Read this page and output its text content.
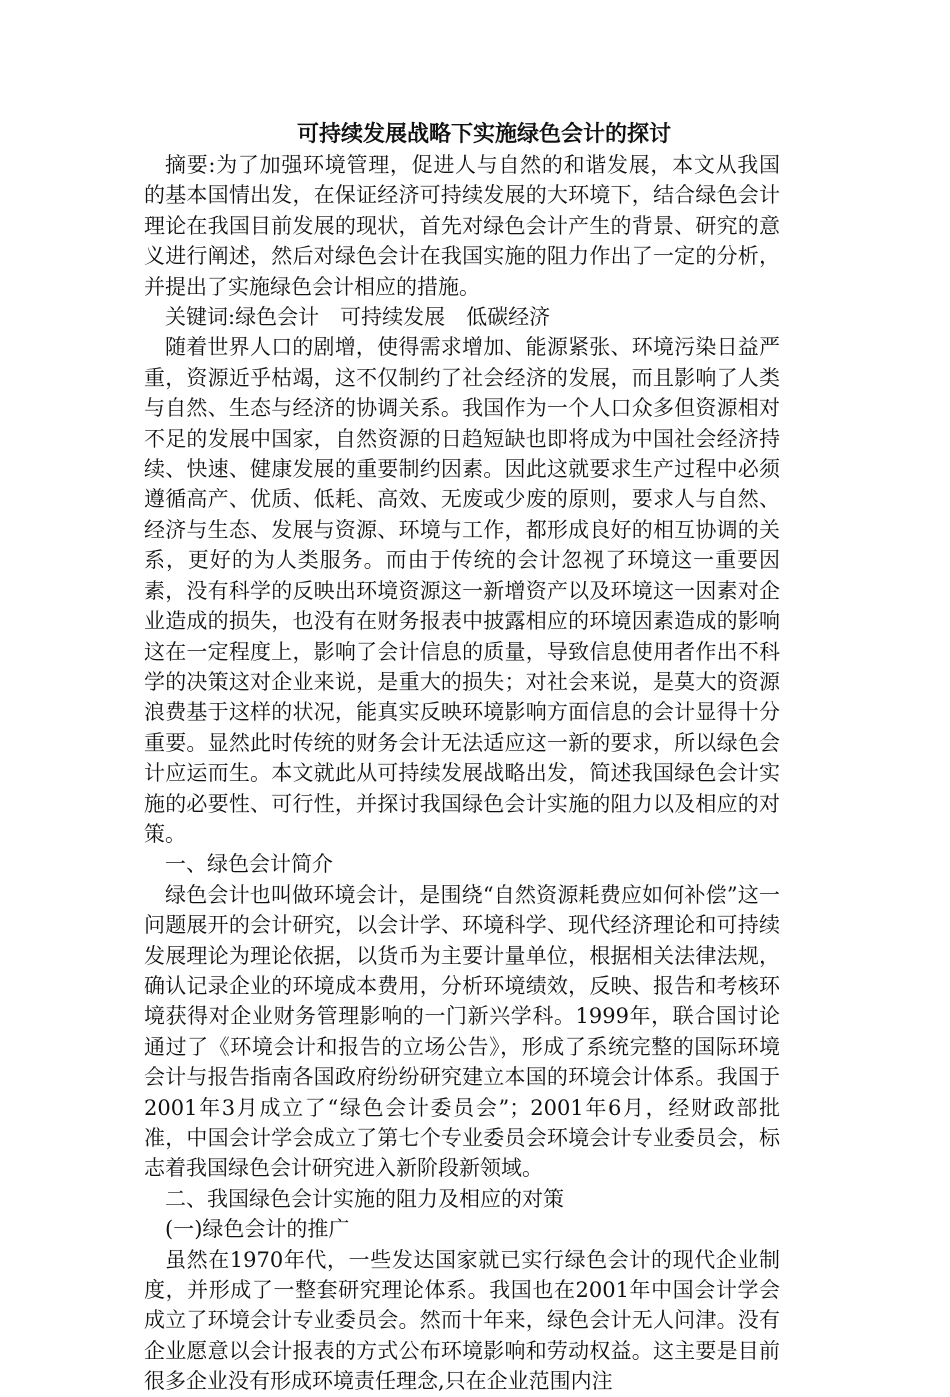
可持续发展战略下实施绿色会计的探讨

摘要:为了加强环境管理，促进人与自然的和谐发展，本文从我国的基本国情出发，在保证经济可持续发展的大环境下，结合绿色会计理论在我国目前发展的现状，首先对绿色会计产生的背景、研究的意义进行阐述，然后对绿色会计在我国实施的阻力作出了一定的分析，并提出了实施绿色会计相应的措施。

关键词:绿色会计　可持续发展　低碳经济

随着世界人口的剧增，使得需求增加、能源紧张、环境污染日益严重，资源近乎枯竭，这不仅制约了社会经济的发展，而且影响了人类与自然、生态与经济的协调关系。我国作为一个人口众多但资源相对不足的发展中国家，自然资源的日趋短缺也即将成为中国社会经济持续、快速、健康发展的重要制约因素。因此这就要求生产过程中必须遵循高产、优质、低耗、高效、无废或少废的原则，要求人与自然、经济与生态、发展与资源、环境与工作，都形成良好的相互协调的关系，更好的为人类服务。而由于传统的会计忽视了环境这一重要因素，没有科学的反映出环境资源这一新增资产以及环境这一因素对企业造成的损失，也没有在财务报表中披露相应的环境因素造成的影响这在一定程度上，影响了会计信息的质量，导致信息使用者作出不科学的决策这对企业来说，是重大的损失；对社会来说，是莫大的资源浪费基于这样的状况，能真实反映环境影响方面信息的会计显得十分重要。显然此时传统的财务会计无法适应这一新的要求，所以绿色会计应运而生。本文就此从可持续发展战略出发，简述我国绿色会计实施的必要性、可行性，并探讨我国绿色会计实施的阻力以及相应的对策。

一、绿色会计简介

绿色会计也叫做环境会计，是围绕“自然资源耗费应如何补偿”这一问题展开的会计研究，以会计学、环境科学、现代经济理论和可持续发展理论为理论依据，以货币为主要计量单位，根据相关法律法规，确认记录企业的环境成本费用，分析环境绩效，反映、报告和考核环境获得对企业财务管理影响的一门新兴学科。1999年，联合国讨论通过了《环境会计和报告的立场公告》，形成了系统完整的国际环境会计与报告指南各国政府纷纷研究建立本国的环境会计体系。我国于2001年3月成立了“绿色会计委员会”；2001年6月，经财政部批准，中国会计学会成立了第七个专业委员会环境会计专业委员会，标志着我国绿色会计研究进入新阶段新领域。

二、我国绿色会计实施的阻力及相应的对策

(一)绿色会计的推广

虽然在1970年代，一些发达国家就已实行绿色会计的现代企业制度，并形成了一整套研究理论体系。我国也在2001年中国会计学会成立了环境会计专业委员会。然而十年来，绿色会计无人问津。没有企业愿意以会计报表的方式公布环境影响和劳动权益。这主要是目前很多企业没有形成环境责任理念,只在企业范围内注
